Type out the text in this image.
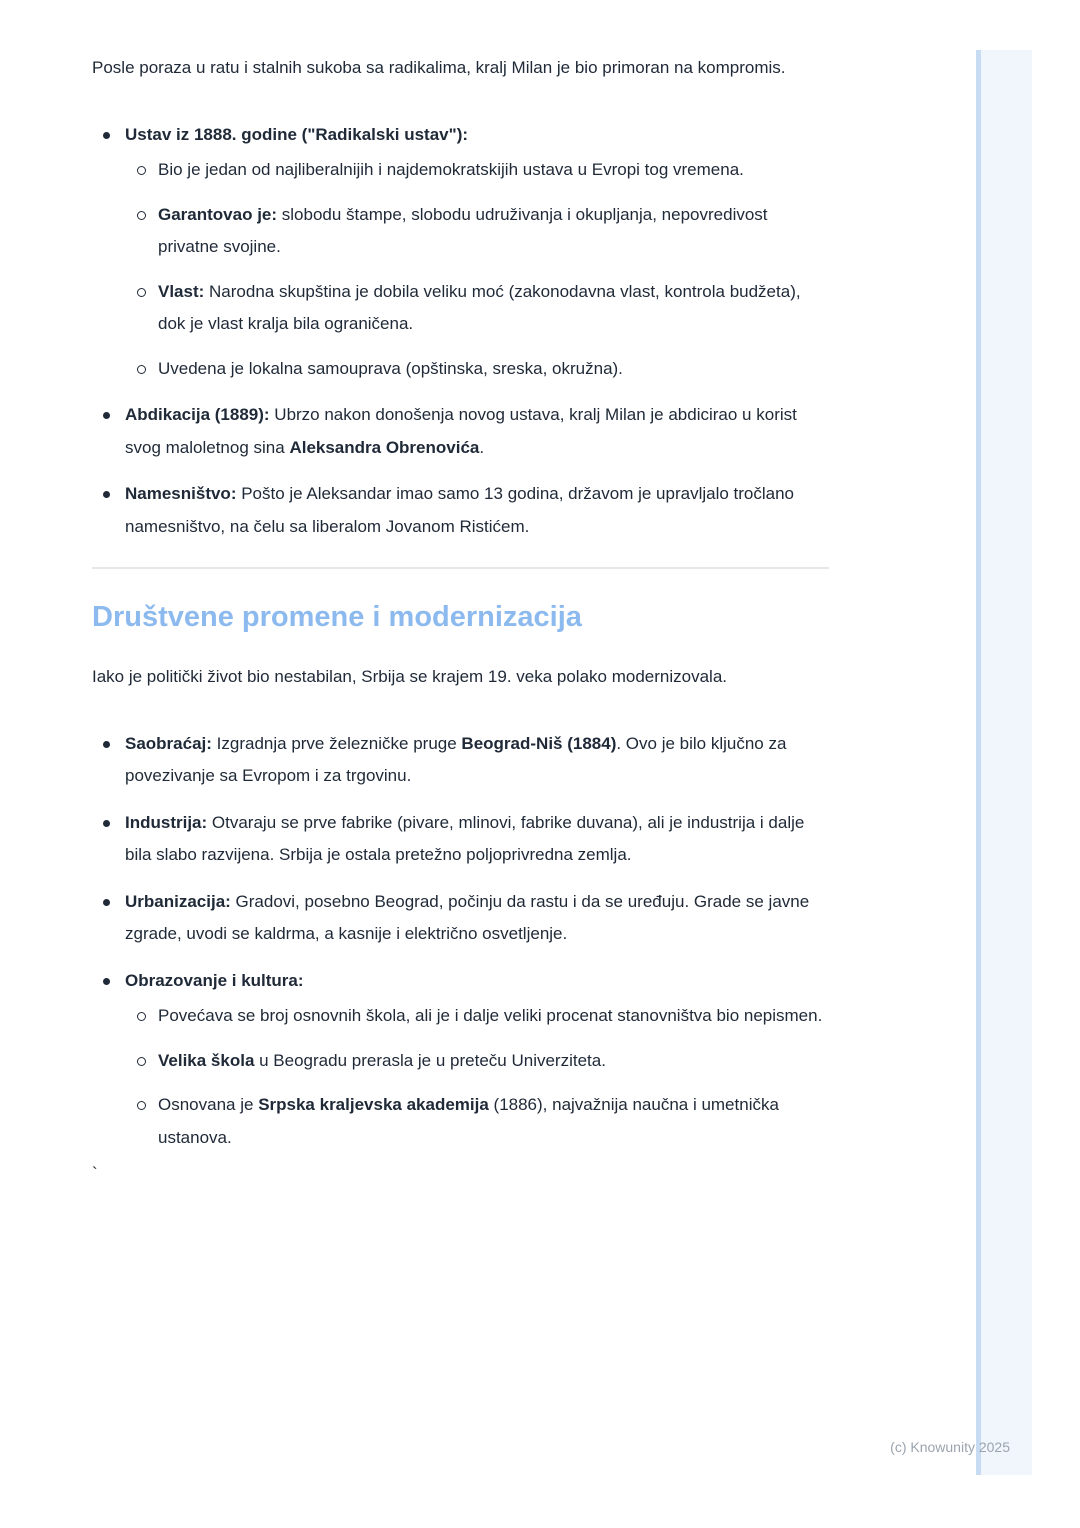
Posle poraza u ratu i stalnih sukoba sa radikalima, kralj Milan je bio primoran na kompromis.

Ustav iz 1888. godine ("Radikalski ustav"):
Bio je jedan od najliberalnijih i najdemokratskijih ustava u Evropi tog vremena.
Garantovao je: slobodu štampe, slobodu udruživanja i okupljanja, nepovredivost privatne svojine.
Vlast: Narodna skupština je dobila veliku moć (zakonodavna vlast, kontrola budžeta), dok je vlast kralja bila ograničena.
Uvedena je lokalna samouprava (opštinska, sreska, okružna).
Abdikacija (1889): Ubrzo nakon donošenja novog ustava, kralj Milan je abdicirao u korist svog maloletnog sina Aleksandra Obrenovića.
Namesništvo: Pošto je Aleksandar imao samo 13 godina, državom je upravljalo tročlano namesništvo, na čelu sa liberalom Jovanom Ristićem.
Društvene promene i modernizacija

Iako je politički život bio nestabilan, Srbija se krajem 19. veka polako modernizovala.

Saobraćaj: Izgradnja prve železničke pruge Beograd-Niš (1884). Ovo je bilo ključno za povezivanje sa Evropom i za trgovinu.
Industrija: Otvaraju se prve fabrike (pivare, mlinovi, fabrike duvana), ali je industrija i dalje bila slabo razvijena. Srbija je ostala pretežno poljoprivredna zemlja.
Urbanizacija: Gradovi, posebno Beograd, počinju da rastu i da se uređuju. Grade se javne zgrade, uvodi se kaldrma, a kasnije i električno osvetljenje.
Obrazovanje i kultura:
Povećava se broj osnovnih škola, ali je i dalje veliki procenat stanovništva bio nepismen.
Velika škola u Beogradu prerasla je u preteču Univerziteta.
Osnovana je Srpska kraljevska akademija (1886), najvažnija naučna i umetnička ustanova.
`
(c) Knowunity 2025
